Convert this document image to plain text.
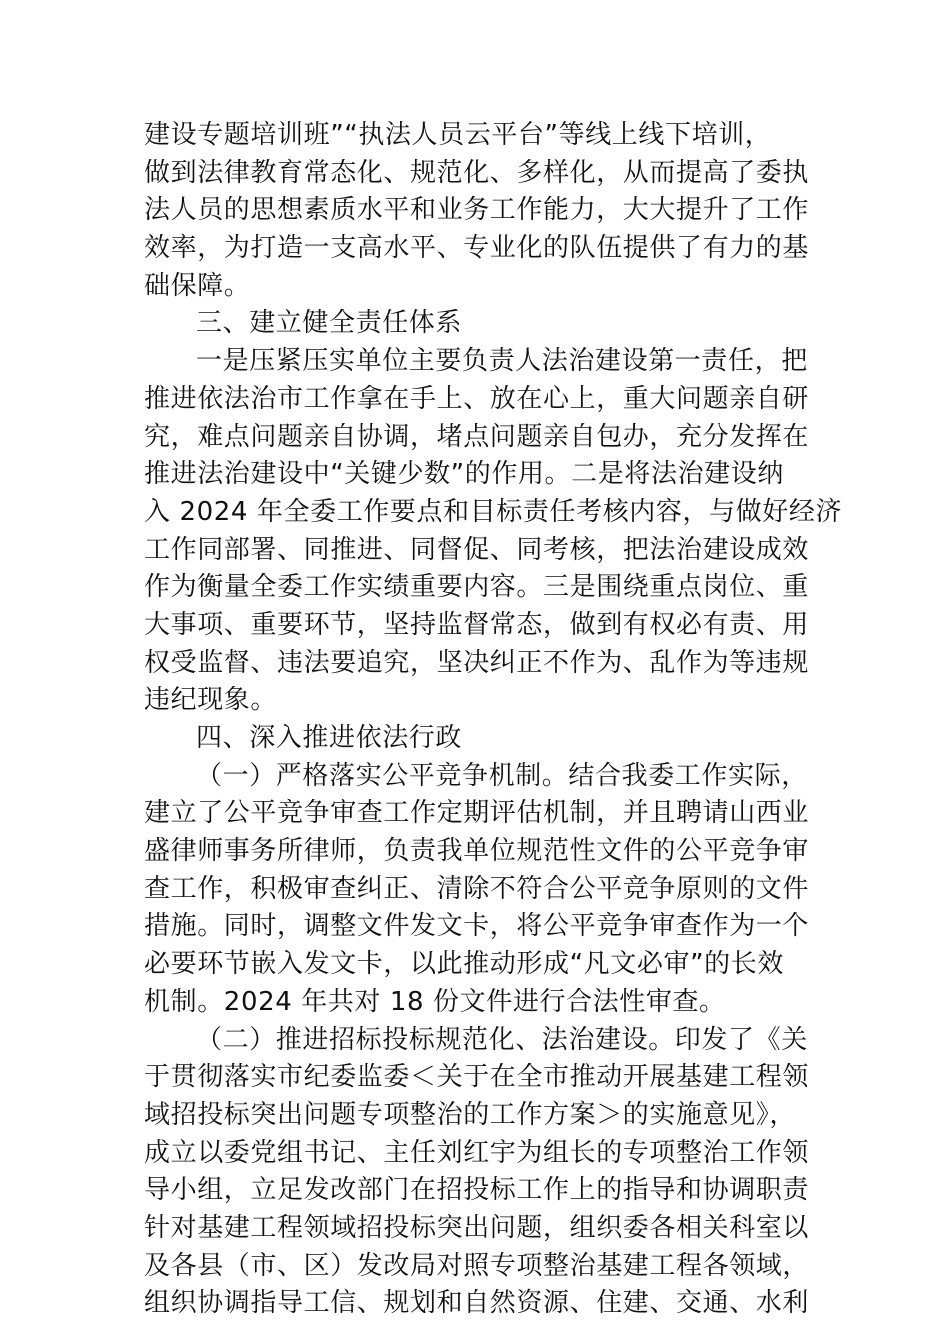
建设专题培训班”“执法人员云平台”等线上线下培训，
做到法律教育常态化、规范化、多样化，从而提高了委执
法人员的思想素质水平和业务工作能力，大大提升了工作
效率，为打造一支高水平、专业化的队伍提供了有力的基
础保障。
三、建立健全责任体系
一是压紧压实单位主要负责人法治建设第一责任，把
推进依法治市工作拿在手上、放在心上，重大问题亲自研
究，难点问题亲自协调，堵点问题亲自包办，充分发挥在
推进法治建设中“关键少数”的作用。二是将法治建设纳
入 2024 年全委工作要点和目标责任考核内容，与做好经济
工作同部署、同推进、同督促、同考核，把法治建设成效
作为衡量全委工作实绩重要内容。三是围绕重点岗位、重
大事项、重要环节，坚持监督常态，做到有权必有责、用
权受监督、违法要追究，坚决纠正不作为、乱作为等违规
违纪现象。
四、深入推进依法行政
（一）严格落实公平竞争机制。结合我委工作实际，
建立了公平竞争审查工作定期评估机制，并且聘请山西业
盛律师事务所律师，负责我单位规范性文件的公平竞争审
查工作，积极审查纠正、清除不符合公平竞争原则的文件
措施。同时，调整文件发文卡，将公平竞争审查作为一个
必要环节嵌入发文卡，以此推动形成“凡文必审”的长效
机制。2024 年共对 18 份文件进行合法性审查。
（二）推进招标投标规范化、法治建设。印发了《关
于贯彻落实市纪委监委＜关于在全市推动开展基建工程领
域招投标突出问题专项整治的工作方案＞的实施意见》，
成立以委党组书记、主任刘红宇为组长的专项整治工作领
导小组，立足发改部门在招投标工作上的指导和协调职责
针对基建工程领域招投标突出问题，组织委各相关科室以
及各县（市、区）发改局对照专项整治基建工程各领域，
组织协调指导工信、规划和自然资源、住建、交通、水利
